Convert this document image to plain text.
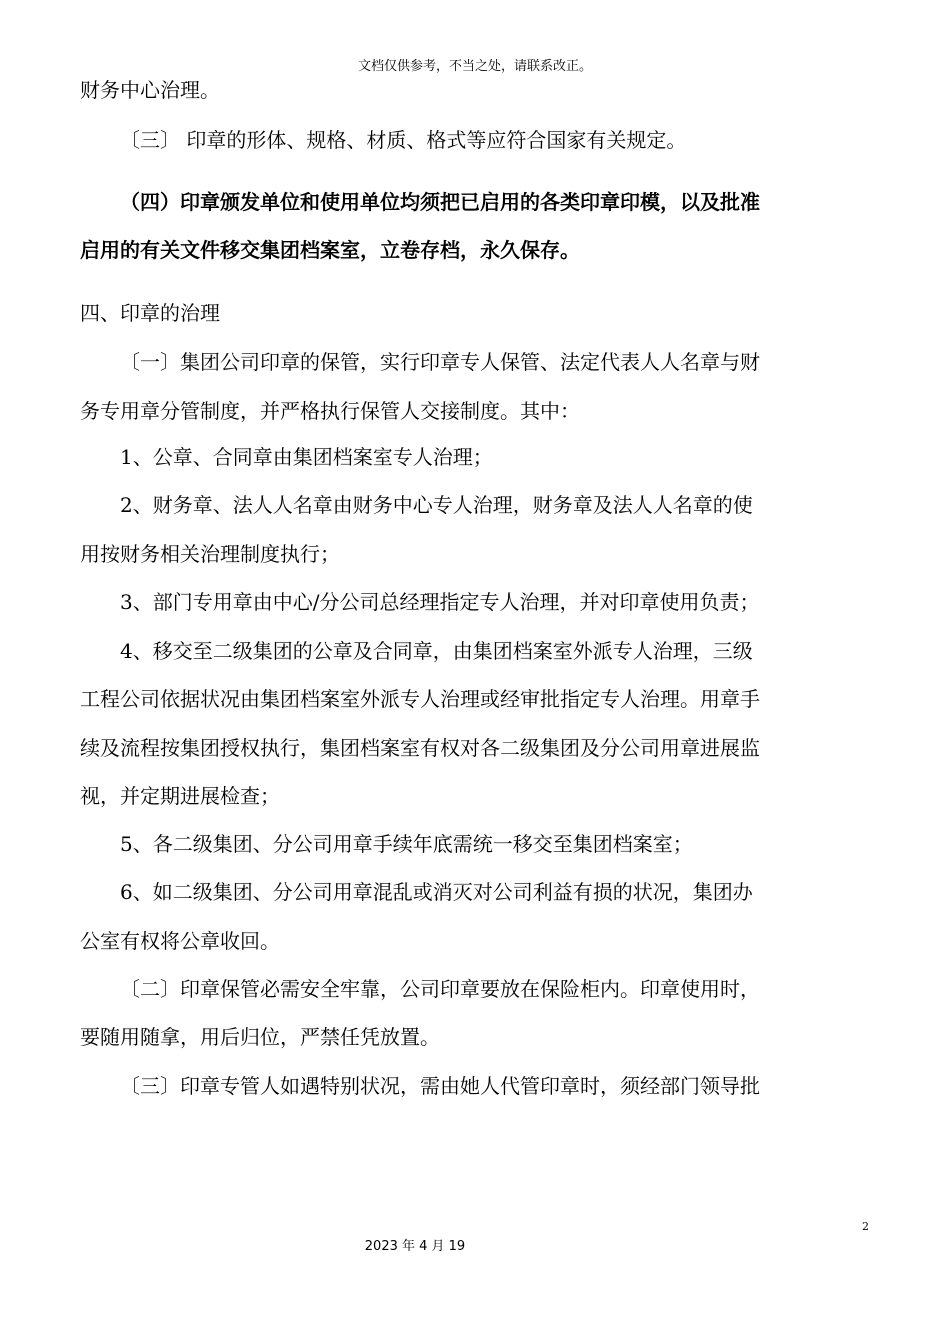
文档仅供参考，不当之处，请联系改正。
财务中心治理。
〔三〕 印章的形体、规格、材质、格式等应符合国家有关规定。
（四）印章颁发单位和使用单位均须把已启用的各类印章印模，以及批准
启用的有关文件移交集团档案室，立卷存档，永久保存。
四、印章的治理
〔一〕集团公司印章的保管，实行印章专人保管、法定代表人人名章与财
务专用章分管制度，并严格执行保管人交接制度。其中：
1、公章、合同章由集团档案室专人治理；
2、财务章、法人人名章由财务中心专人治理，财务章及法人人名章的使
用按财务相关治理制度执行；
3、部门专用章由中心/分公司总经理指定专人治理，并对印章使用负责；
4、移交至二级集团的公章及合同章，由集团档案室外派专人治理，三级
工程公司依据状况由集团档案室外派专人治理或经审批指定专人治理。用章手
续及流程按集团授权执行，集团档案室有权对各二级集团及分公司用章进展监
视，并定期进展检查；
5、各二级集团、分公司用章手续年底需统一移交至集团档案室；
6、如二级集团、分公司用章混乱或消灭对公司利益有损的状况，集团办
公室有权将公章收回。
〔二〕印章保管必需安全牢靠，公司印章要放在保险柜内。印章使用时，
要随用随拿，用后归位，严禁任凭放置。
〔三〕印章专管人如遇特别状况，需由她人代管印章时，须经部门领导批
2
2023 年 4 月 19
